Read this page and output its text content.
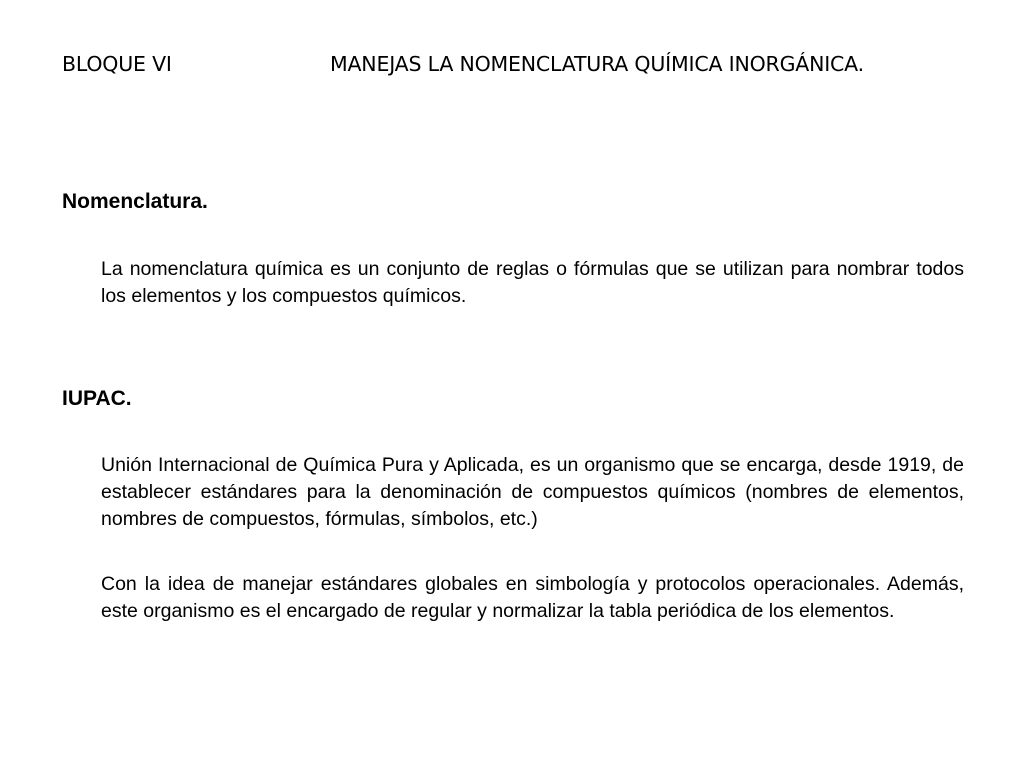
BLOQUE VI	MANEJAS LA NOMENCLATURA QUÍMICA INORGÁNICA.
Nomenclatura.

La nomenclatura química es un conjunto de reglas o fórmulas que se utilizan para nombrar todos los elementos y los compuestos químicos.

IUPAC.

Unión Internacional de Química Pura y Aplicada, es un organismo que se encarga, desde 1919, de establecer estándares para la denominación de compuestos químicos (nombres de elementos, nombres de compuestos, fórmulas, símbolos, etc.)

Con la idea de manejar estándares globales en simbología y protocolos operacionales. Además, este organismo es el encargado de regular y normalizar la tabla periódica de los elementos.
